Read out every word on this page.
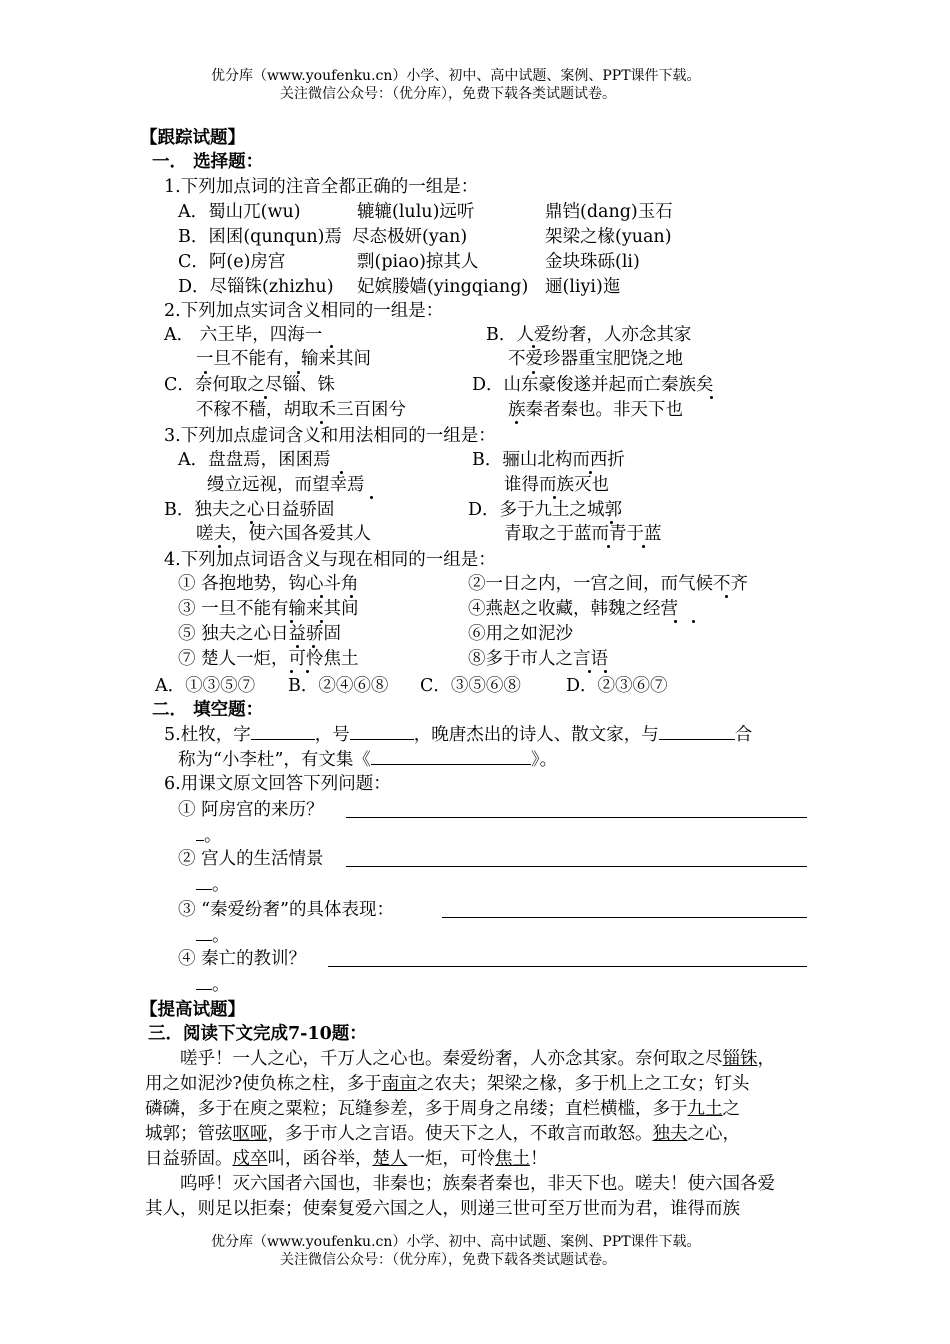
优分库（www.youfenku.cn）小学、初中、高中试题、案例、PPT课件下载。
关注微信公众号：（优分库），免费下载各类试题试卷。
【跟踪试题】
一． 选择题：
1.下列加点词的注音全都正确的一组是：
A．蜀山兀(wu)	辘辘(lulu)远听	鼎铛(dang)玉石
B．囷囷(qunqun)焉 尽态极妍(yan)	架梁之椽(yuan)
C．阿(e)房宫	剽(piao)掠其人	金块珠砾(li)
D．尽锱铢(zhizhu) 妃嫔媵嫱(yingqiang) 逦(liyi)迤
2.下列加点实词含义相同的一组是：
A． 六王毕，四海一
一旦不能有，输来其间
B．人爱纷奢，人亦念其家
不爱珍器重宝肥饶之地
C．奈何取之尽锱、铢
不稼不穑，胡取禾三百囷兮
D．山东豪俊遂并起而亡秦族矣
族秦者秦也。非天下也
3.下列加点虚词含义和用法相同的一组是：
A．盘盘焉，囷囷焉
缦立远视，而望幸焉
B．骊山北构而西折
谁得而族灭也
B．独夫之心日益骄固
嗟夫，使六国各爱其人
D．多于九土之城郭
青取之于蓝而青于蓝
4.下列加点词语含义与现在相同的一组是：
① 各抱地势，钩心斗角	②一日之内，一宫之间，而气候不齐
③ 一旦不能有输来其间	④燕赵之收藏，韩魏之经营
⑤ 独夫之心日益骄固	⑥用之如泥沙
⑦ 楚人一炬，可怜焦土	⑧多于市人之言语
A．①③⑤⑦ B．②④⑥⑧ C．③⑤⑥⑧	D．②③⑥⑦
二． 填空题：
5.杜牧，字	，号	，晚唐杰出的诗人、散文家，与	合
称为“小李杜”，有文集《	》。
6.用课文原文回答下列问题：
① 阿房宫的来历？
。
② 宫人的生活情景
。
③ “秦爱纷奢”的具体表现：
。
④ 秦亡的教训？
。
【提高试题】
三．阅读下文完成7-10题：
嗟乎！一人之心，千万人之心也。秦爱纷奢，人亦念其家。奈何取之尽锱铢，
用之如泥沙?使负栋之柱，多于南亩之农夫；架梁之椽，多于机上之工女；钉头
磷磷，多于在庾之粟粒；瓦缝参差，多于周身之帛缕；直栏横槛，多于九土之
城郭；管弦呕哑，多于市人之言语。使天下之人，不敢言而敢怒。独夫之心，
日益骄固。戍卒叫，函谷举，楚人一炬，可怜焦土！
呜呼！灭六国者六国也，非秦也；族秦者秦也，非天下也。嗟夫！使六国各爱
其人，则足以拒秦；使秦复爱六国之人，则递三世可至万世而为君，谁得而族
优分库（www.youfenku.cn）小学、初中、高中试题、案例、PPT课件下载。
关注微信公众号：（优分库），免费下载各类试题试卷。
